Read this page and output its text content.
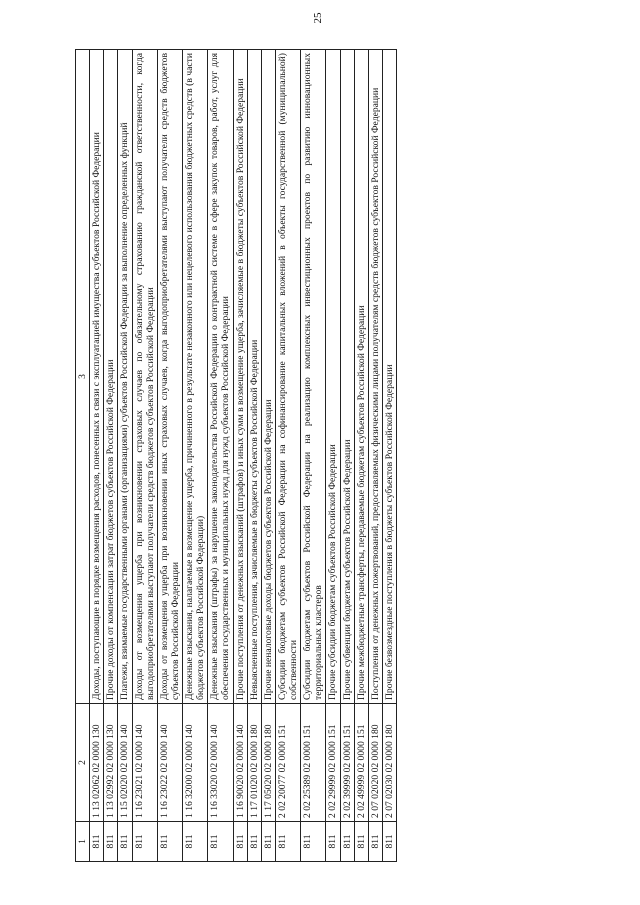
25
1	2	3
811	1 13 02062 02 0000 130	Доходы, поступающие в порядке возмещения расходов, понесенных в связи с эксплуатацией имущества субъектов Российской Федерации
811	1 13 02992 02 0000 130	Прочие доходы от компенсации затрат бюджетов субъектов Российской Федерации
811	1 15 02020 02 0000 140	Платежи, взимаемые государственными органами (организациями) субъектов Российской Федерации за выполнение определенных функций
811	1 16 23021 02 0000 140	Доходы от возмещения ущерба при возникновении страховых случаев по обязательному страхованию гражданской ответственности, когда выгодоприобретателями выступают получатели средств бюджетов субъектов Российской Федерации
811	1 16 23022 02 0000 140	Доходы от возмещения ущерба при возникновении иных страховых случаев, когда выгодоприобретателями выступают получатели средств бюджетов субъектов Российской Федерации
811	1 16 32000 02 0000 140	Денежные взыскания, налагаемые в возмещение ущерба, причиненного в результате незаконного или нецелевого использования бюджетных средств (в части бюджетов субъектов Российской Федерации)
811	1 16 33020 02 0000 140	Денежные взыскания (штрафы) за нарушение законодательства Российской Федерации о контрактной системе в сфере закупок товаров, работ, услуг для обеспечения государственных и муниципальных нужд для нужд субъектов Российской Федерации
811	1 16 90020 02 0000 140	Прочие поступления от денежных взысканий (штрафов) и иных сумм в возмещение ущерба, зачисляемые в бюджеты субъектов Российской Федерации
811	1 17 01020 02 0000 180	Невыясненные поступления, зачисляемые в бюджеты субъектов Российской Федерации
811	1 17 05020 02 0000 180	Прочие неналоговые доходы бюджетов субъектов Российской Федерации
811	2 02 20077 02 0000 151	Субсидии бюджетам субъектов Российской Федерации на софинансирование капитальных вложений в объекты государственной (муниципальной) собственности
811	2 02 25389 02 0000 151	Субсидии бюджетам субъектов Российской Федерации на реализацию комплексных инвестиционных проектов по развитию инновационных территориальных кластеров
811	2 02 29999 02 0000 151	Прочие субсидии бюджетам субъектов Российской Федерации
811	2 02 39999 02 0000 151	Прочие субвенции бюджетам субъектов Российской Федерации
811	2 02 49999 02 0000 151	Прочие межбюджетные трансферты, передаваемые бюджетам субъектов Российской Федерации
811	2 07 02020 02 0000 180	Поступления от денежных пожертвований, предоставляемых физическими лицами получателям средств бюджетов субъектов Российской Федерации
811	2 07 02030 02 0000 180	Прочие безвозмездные поступления в бюджеты субъектов Российской Федерации
